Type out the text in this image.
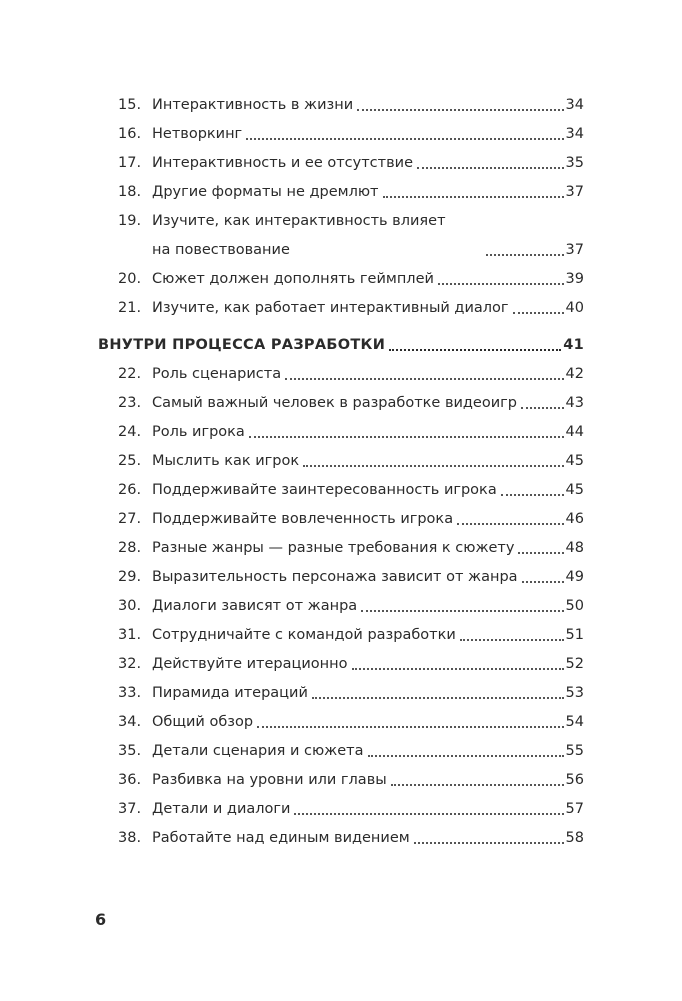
15. Интерактивность в жизни	34
16. Нетворкинг	34
17. Интерактивность и ее отсутствие	35
18. Другие форматы не дремлют	37
19. Изучите, как интерактивность влияет
на повествование	37
20. Сюжет должен дополнять геймплей	39
21. Изучите, как работает интерактивный диалог	40
ВНУТРИ ПРОЦЕССА РАЗРАБОТКИ	41
22. Роль сценариста	42
23. Самый важный человек в разработке видеоигр	43
24. Роль игрока	44
25. Мыслить как игрок	45
26. Поддерживайте заинтересованность игрока	45
27. Поддерживайте вовлеченность игрока	46
28. Разные жанры — разные требования к сюжету	48
29. Выразительность персонажа зависит от жанра	49
30. Диалоги зависят от жанра	50
31. Сотрудничайте с командой разработки	51
32. Действуйте итерационно	52
33. Пирамида итераций	53
34. Общий обзор	54
35. Детали сценария и сюжета	55
36. Разбивка на уровни или главы	56
37. Детали и диалоги	57
38. Работайте над единым видением	58
6
